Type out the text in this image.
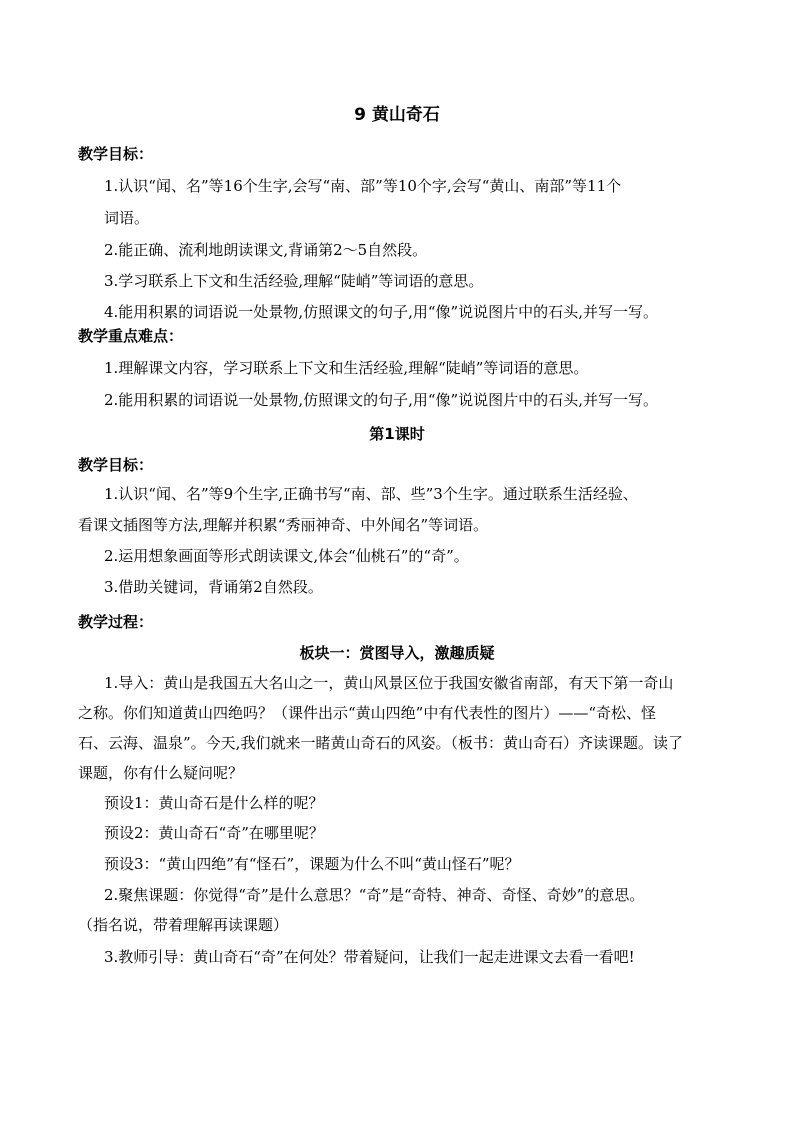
9 黄山奇石
教学目标：
1.认识“闻、名”等16个生字,会写“南、部”等10个字,会写“黄山、南部”等11个
词语。
2.能正确、流利地朗读课文,背诵第2～5自然段。
3.学习联系上下文和生活经验,理解“陡峭”等词语的意思。
4.能用积累的词语说一处景物,仿照课文的句子,用“像”说说图片中的石头,并写一写。
教学重点难点：
1.理解课文内容，学习联系上下文和生活经验,理解“陡峭”等词语的意思。
2.能用积累的词语说一处景物,仿照课文的句子,用“像”说说图片中的石头,并写一写。
第1课时
教学目标：
1.认识“闻、名”等9个生字,正确书写“南、部、些”3个生字。通过联系生活经验、
看课文插图等方法,理解并积累“秀丽神奇、中外闻名”等词语。
2.运用想象画面等形式朗读课文,体会“仙桃石”的“奇”。
3.借助关键词，背诵第2自然段。
教学过程：
板块一：赏图导入，激趣质疑
1.导入：黄山是我国五大名山之一，黄山风景区位于我国安徽省南部，有天下第一奇山
之称。你们知道黄山四绝吗？（课件出示“黄山四绝”中有代表性的图片）——“奇松、怪
石、云海、温泉”。今天,我们就来一睹黄山奇石的风姿。（板书：黄山奇石）齐读课题。读了
课题，你有什么疑问呢？
预设1：黄山奇石是什么样的呢？
预设2：黄山奇石“奇”在哪里呢？
预设3：“黄山四绝”有“怪石”，课题为什么不叫“黄山怪石”呢？
2.聚焦课题：你觉得“奇”是什么意思？“奇”是“奇特、神奇、奇怪、奇妙”的意思。
（指名说，带着理解再读课题）
3.教师引导：黄山奇石“奇”在何处？带着疑问，让我们一起走进课文去看一看吧!
